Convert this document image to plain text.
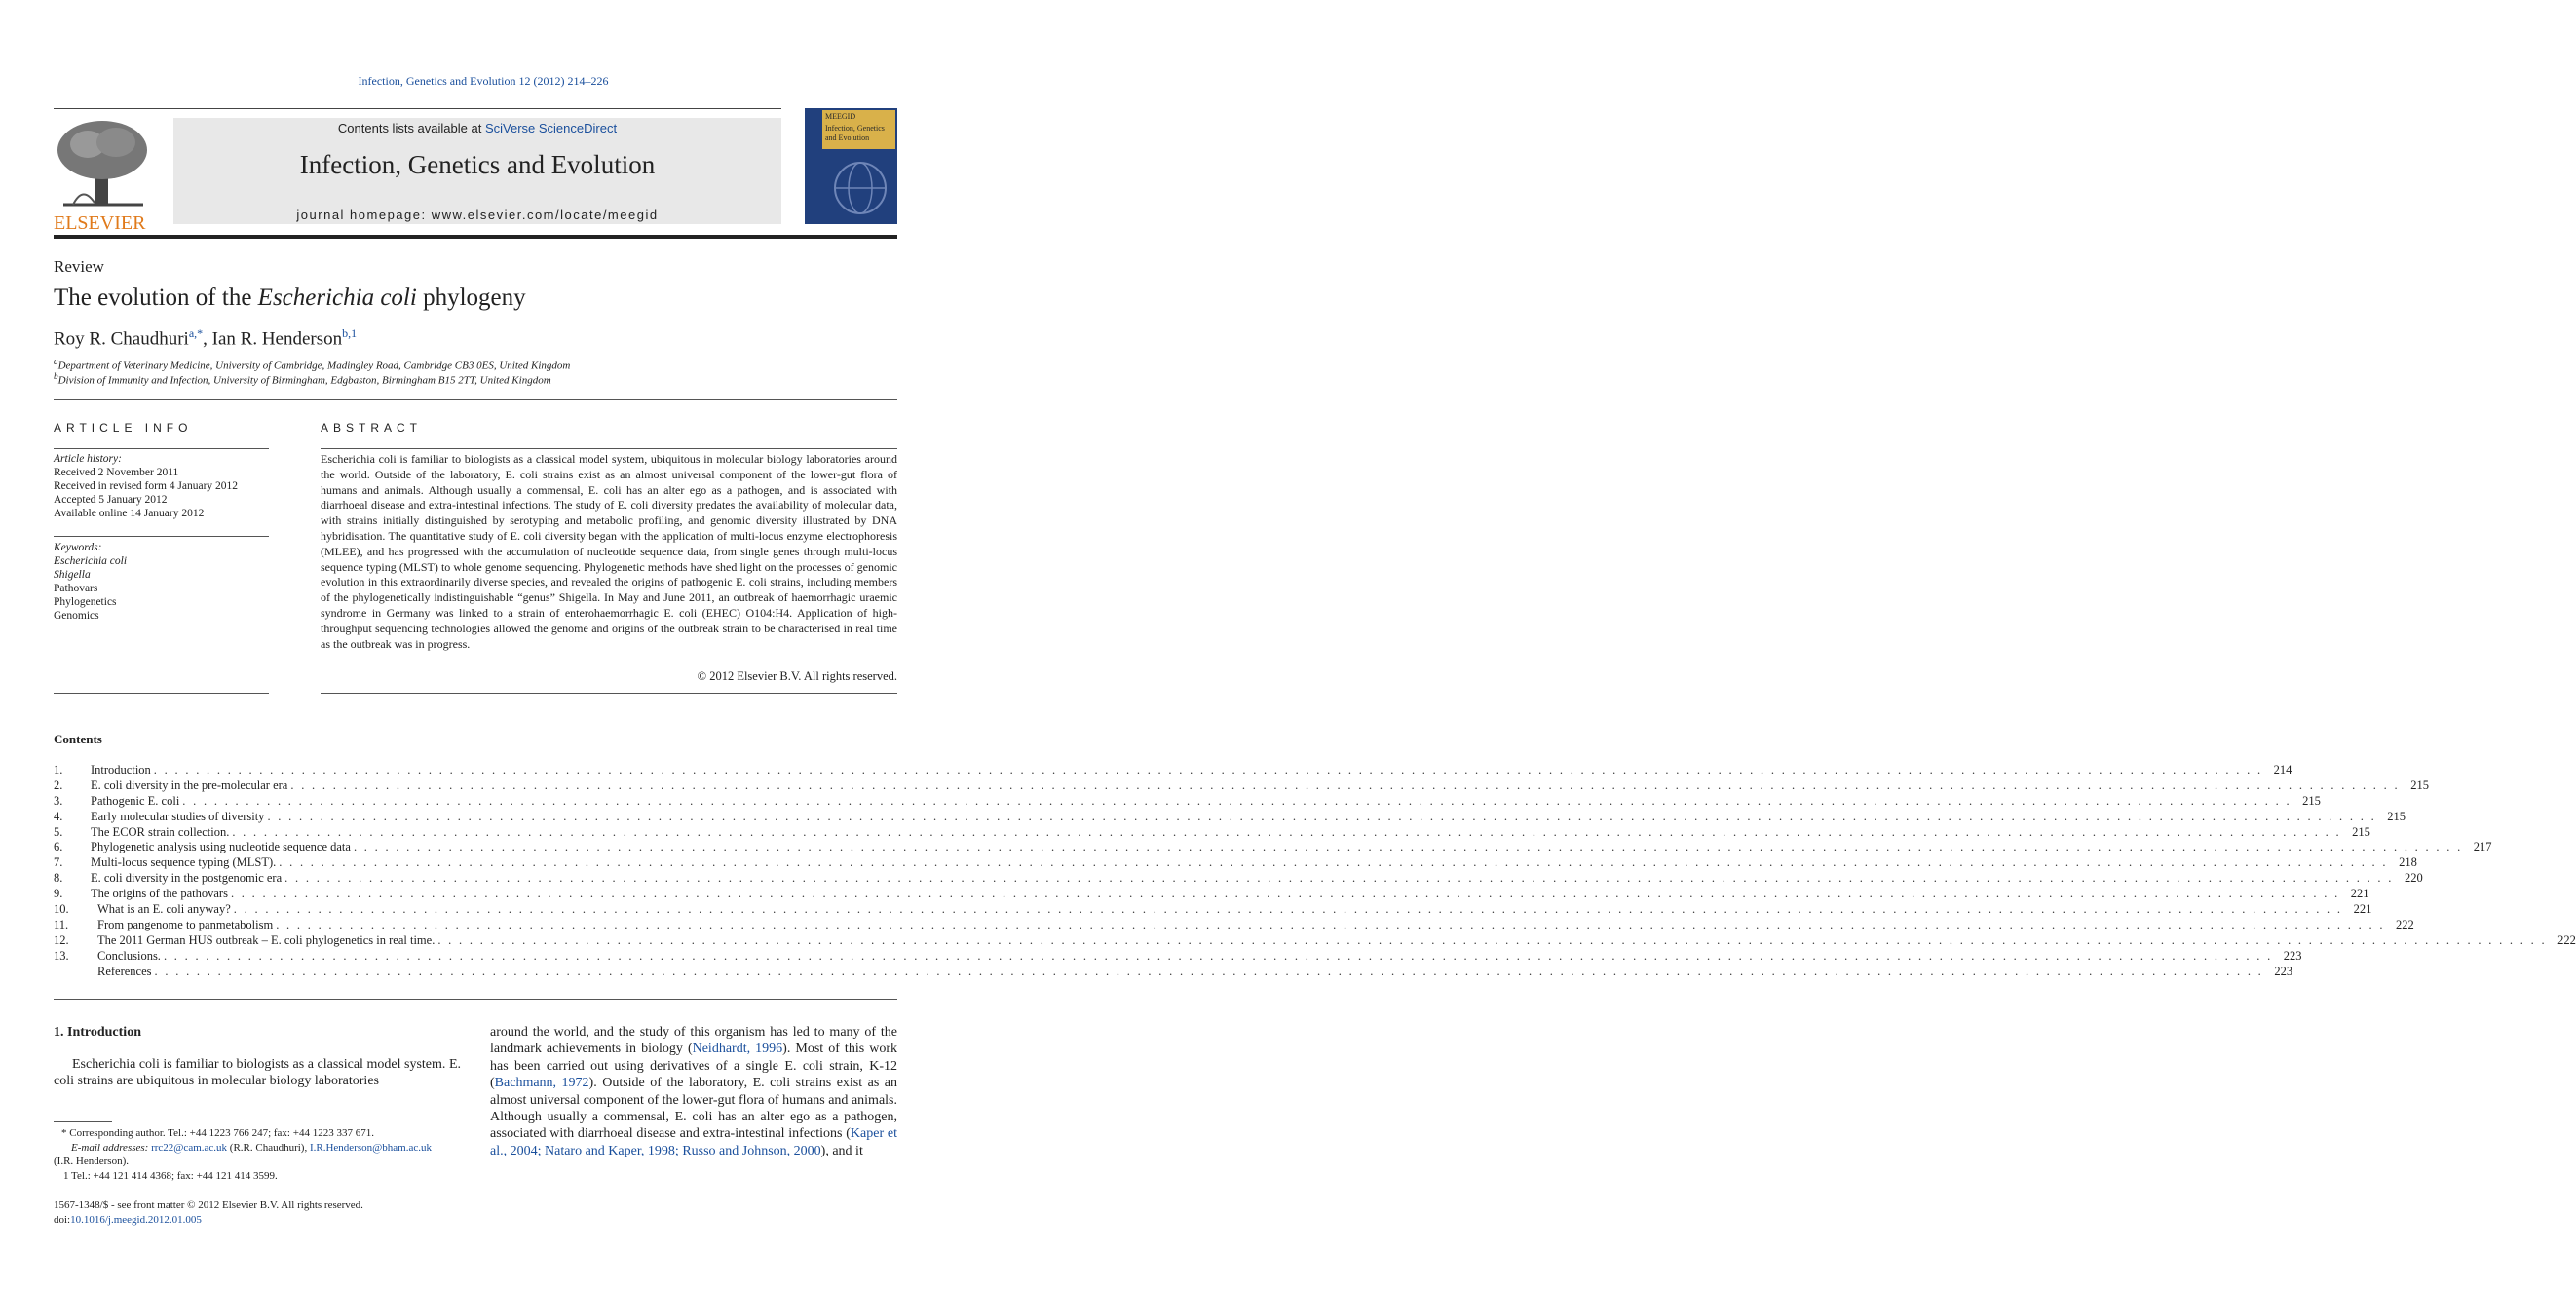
Infection, Genetics and Evolution 12 (2012) 214–226
ELSEVIER
Contents lists available at SciVerse ScienceDirect
Infection, Genetics and Evolution
journal homepage: www.elsevier.com/locate/meegid
MEEGID
Infection, Genetics
and Evolution
Review
The evolution of the Escherichia coli phylogeny
Roy R. Chaudhuri$^{a,*}$, Ian R. Henderson$^{b,1}$
$^a$Department of Veterinary Medicine, University of Cambridge, Madingley Road, Cambridge CB3 0ES, United Kingdom
$^b$Division of Immunity and Infection, University of Birmingham, Edgbaston, Birmingham B15 2TT, United Kingdom
ARTICLE INFO
Article history:
Received 2 November 2011
Received in revised form 4 January 2012
Accepted 5 January 2012
Available online 14 January 2012
Keywords:
Escherichia coli
Shigella
Pathovars
Phylogenetics
Genomics
ABSTRACT
Escherichia coli is familiar to biologists as a classical model system, ubiquitous in molecular biology laboratories around the world. Outside of the laboratory, E. coli strains exist as an almost universal component of the lower-gut flora of humans and animals. Although usually a commensal, E. coli has an alter ego as a pathogen, and is associated with diarrhoeal disease and extra-intestinal infections. The study of E. coli diversity predates the availability of molecular data, with strains initially distinguished by serotyping and metabolic profiling, and genomic diversity illustrated by DNA hybridisation. The quantitative study of E. coli diversity began with the application of multi-locus enzyme electrophoresis (MLEE), and has progressed with the accumulation of nucleotide sequence data, from single genes through multi-locus sequence typing (MLST) to whole genome sequencing. Phylogenetic methods have shed light on the processes of genomic evolution in this extraordinarily diverse species, and revealed the origins of pathogenic E. coli strains, including members of the phylogenetically indistinguishable “genus” Shigella. In May and June 2011, an outbreak of haemorrhagic uraemic syndrome in Germany was linked to a strain of enterohaemorrhagic E. coli (EHEC) O104:H4. Application of high-throughput sequencing technologies allowed the genome and origins of the outbreak strain to be characterised in real time as the outbreak was in progress.
© 2012 Elsevier B.V. All rights reserved.
Contents
1.	Introduction . . . . . . . . . . . . . . . . . . . . . . . . . . . . . . . . . . . . . . . . . . . . . . . . . . . . . . . . . . . . . . . . . . . . . . . . . . . . . . . . . . . . . . . . . . . . . . . . . . . . . . . . . . . . . . . . . . . . . . . . . . . . . . . . . . . . . . . . . . . . . . . . . . . . . . . . . . . . . . . . . . . . . . . . . . . . . . . . . . . . . . . . . . . . . . . . . . . . . . . . 214
2.	E. coli diversity in the pre-molecular era . . . . . . . . . . . . . . . . . . . . . . . . . . . . . . . . . . . . . . . . . . . . . . . . . . . . . . . . . . . . . . . . . . . . . . . . . . . . . . . . . . . . . . . . . . . . . . . . . . . . . . . . . . . . . . . . . . . . . . . . . . . . . . . . . . . . . . . . . . . . . . . . . . . . . . . . . . . . . . . . . . . . . . . . . . . . . . . . . . . . . . . . . . . . . . . . . . . . . . . . 215
3.	Pathogenic E. coli . . . . . . . . . . . . . . . . . . . . . . . . . . . . . . . . . . . . . . . . . . . . . . . . . . . . . . . . . . . . . . . . . . . . . . . . . . . . . . . . . . . . . . . . . . . . . . . . . . . . . . . . . . . . . . . . . . . . . . . . . . . . . . . . . . . . . . . . . . . . . . . . . . . . . . . . . . . . . . . . . . . . . . . . . . . . . . . . . . . . . . . . . . . . . . . . . . . . . . . . 215
4.	Early molecular studies of diversity . . . . . . . . . . . . . . . . . . . . . . . . . . . . . . . . . . . . . . . . . . . . . . . . . . . . . . . . . . . . . . . . . . . . . . . . . . . . . . . . . . . . . . . . . . . . . . . . . . . . . . . . . . . . . . . . . . . . . . . . . . . . . . . . . . . . . . . . . . . . . . . . . . . . . . . . . . . . . . . . . . . . . . . . . . . . . . . . . . . . . . . . . . . . . . . . . . . . . . . . 215
5.	The ECOR strain collection. . . . . . . . . . . . . . . . . . . . . . . . . . . . . . . . . . . . . . . . . . . . . . . . . . . . . . . . . . . . . . . . . . . . . . . . . . . . . . . . . . . . . . . . . . . . . . . . . . . . . . . . . . . . . . . . . . . . . . . . . . . . . . . . . . . . . . . . . . . . . . . . . . . . . . . . . . . . . . . . . . . . . . . . . . . . . . . . . . . . . . . . . . . . . . . . . . . . . . . . . 215
6.	Phylogenetic analysis using nucleotide sequence data . . . . . . . . . . . . . . . . . . . . . . . . . . . . . . . . . . . . . . . . . . . . . . . . . . . . . . . . . . . . . . . . . . . . . . . . . . . . . . . . . . . . . . . . . . . . . . . . . . . . . . . . . . . . . . . . . . . . . . . . . . . . . . . . . . . . . . . . . . . . . . . . . . . . . . . . . . . . . . . . . . . . . . . . . . . . . . . . . . . . . . . . . . . . . . . . . . . . . . . . 217
7.	Multi-locus sequence typing (MLST). . . . . . . . . . . . . . . . . . . . . . . . . . . . . . . . . . . . . . . . . . . . . . . . . . . . . . . . . . . . . . . . . . . . . . . . . . . . . . . . . . . . . . . . . . . . . . . . . . . . . . . . . . . . . . . . . . . . . . . . . . . . . . . . . . . . . . . . . . . . . . . . . . . . . . . . . . . . . . . . . . . . . . . . . . . . . . . . . . . . . . . . . . . . . . . . . . . . . . . . . 218
8.	E. coli diversity in the postgenomic era . . . . . . . . . . . . . . . . . . . . . . . . . . . . . . . . . . . . . . . . . . . . . . . . . . . . . . . . . . . . . . . . . . . . . . . . . . . . . . . . . . . . . . . . . . . . . . . . . . . . . . . . . . . . . . . . . . . . . . . . . . . . . . . . . . . . . . . . . . . . . . . . . . . . . . . . . . . . . . . . . . . . . . . . . . . . . . . . . . . . . . . . . . . . . . . . . . . . . . . . 220
9.	The origins of the pathovars . . . . . . . . . . . . . . . . . . . . . . . . . . . . . . . . . . . . . . . . . . . . . . . . . . . . . . . . . . . . . . . . . . . . . . . . . . . . . . . . . . . . . . . . . . . . . . . . . . . . . . . . . . . . . . . . . . . . . . . . . . . . . . . . . . . . . . . . . . . . . . . . . . . . . . . . . . . . . . . . . . . . . . . . . . . . . . . . . . . . . . . . . . . . . . . . . . . . . . . . 221
10.	What is an E. coli anyway? . . . . . . . . . . . . . . . . . . . . . . . . . . . . . . . . . . . . . . . . . . . . . . . . . . . . . . . . . . . . . . . . . . . . . . . . . . . . . . . . . . . . . . . . . . . . . . . . . . . . . . . . . . . . . . . . . . . . . . . . . . . . . . . . . . . . . . . . . . . . . . . . . . . . . . . . . . . . . . . . . . . . . . . . . . . . . . . . . . . . . . . . . . . . . . . . . . . . . . . . 221
11.	From pangenome to panmetabolism . . . . . . . . . . . . . . . . . . . . . . . . . . . . . . . . . . . . . . . . . . . . . . . . . . . . . . . . . . . . . . . . . . . . . . . . . . . . . . . . . . . . . . . . . . . . . . . . . . . . . . . . . . . . . . . . . . . . . . . . . . . . . . . . . . . . . . . . . . . . . . . . . . . . . . . . . . . . . . . . . . . . . . . . . . . . . . . . . . . . . . . . . . . . . . . . . . . . . . . . 222
12.	The 2011 German HUS outbreak – E. coli phylogenetics in real time. . . . . . . . . . . . . . . . . . . . . . . . . . . . . . . . . . . . . . . . . . . . . . . . . . . . . . . . . . . . . . . . . . . . . . . . . . . . . . . . . . . . . . . . . . . . . . . . . . . . . . . . . . . . . . . . . . . . . . . . . . . . . . . . . . . . . . . . . . . . . . . . . . . . . . . . . . . . . . . . . . . . . . . . . . . . . . . . . . . . . . . . . . . . . . . . . . . . . . . . . 222
13.	Conclusions. . . . . . . . . . . . . . . . . . . . . . . . . . . . . . . . . . . . . . . . . . . . . . . . . . . . . . . . . . . . . . . . . . . . . . . . . . . . . . . . . . . . . . . . . . . . . . . . . . . . . . . . . . . . . . . . . . . . . . . . . . . . . . . . . . . . . . . . . . . . . . . . . . . . . . . . . . . . . . . . . . . . . . . . . . . . . . . . . . . . . . . . . . . . . . . . . . . . . . . . . 223
References . . . . . . . . . . . . . . . . . . . . . . . . . . . . . . . . . . . . . . . . . . . . . . . . . . . . . . . . . . . . . . . . . . . . . . . . . . . . . . . . . . . . . . . . . . . . . . . . . . . . . . . . . . . . . . . . . . . . . . . . . . . . . . . . . . . . . . . . . . . . . . . . . . . . . . . . . . . . . . . . . . . . . . . . . . . . . . . . . . . . . . . . . . . . . . . . . . . . . . . . 223
1. Introduction
Escherichia coli is familiar to biologists as a classical model system. E. coli strains are ubiquitous in molecular biology laboratories
around the world, and the study of this organism has led to many of the landmark achievements in biology (Neidhardt, 1996). Most of this work has been carried out using derivatives of a single E. coli strain, K-12 (Bachmann, 1972). Outside of the laboratory, E. coli strains exist as an almost universal component of the lower-gut flora of humans and animals. Although usually a commensal, E. coli has an alter ego as a pathogen, associated with diarrhoeal disease and extra-intestinal infections (Kaper et al., 2004; Nataro and Kaper, 1998; Russo and Johnson, 2000), and it
* Corresponding author. Tel.: +44 1223 766 247; fax: +44 1223 337 671.
E-mail addresses: rrc22@cam.ac.uk (R.R. Chaudhuri), I.R.Henderson@bham.ac.uk
(I.R. Henderson).
1 Tel.: +44 121 414 4368; fax: +44 121 414 3599.
1567-1348/$ - see front matter © 2012 Elsevier B.V. All rights reserved.
doi:10.1016/j.meegid.2012.01.005
